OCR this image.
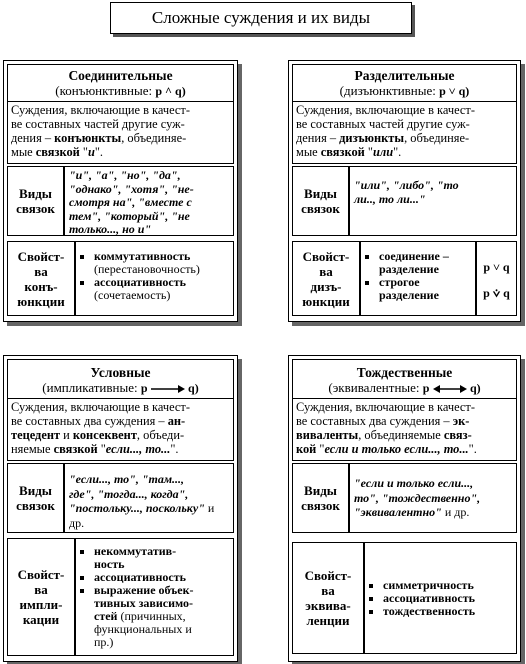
Сложные суждения и их виды
Соединительные
(конъюнктивные: p ^ q)
Суждения, включающие в качест-
ве составных частей другие суж-
дения – конъюнкты, объединяе-
мые связкой "и".
Виды
связок
"и", "а", "но", "да",
"однако", "хотя", "не-
смотря на", "вместе с
тем", "который", "не
только..., но и"
Свойст-
ва
конъ-
юнкции
▪ коммутативность
(перестановочность)
▪ ассоциативность
(сочетаемость)
Разделительные
(дизъюнктивные: p ˅ q)
Суждения, включающие в качест-
ве составных частей другие суж-
дения – дизъюнкты, объединяе-
мые связкой "или".
Виды
связок
"или", "либо", "то
ли.., то ли..."
Свойст-
ва
дизъ-
юнкции
▪ соединение –
разделение
▪ строгое
разделение
p ˅ q
p ⩒ q
Условные
(импликативные: p	q)
Суждения, включающие в качест-
ве составных два суждения – ан-
тецедент и консеквент, объеди-
няемые связкой "если..., то...".
Виды
связок
"если..., то", "там...,
где", "тогда..., когда",
"постольку..., поскольку" и др.
Свойст-
ва
импли-
кации
▪ некоммутатив-
ность
▪ ассоциативность
▪ выражение объек-
тивных зависимо-
стей (причинных,
функциональных и
пр.)
Тождественные
(эквивалентные: p	q)
Суждения, включающие в качест-
ве составных два суждения – эк-
виваленты, объединяемые связ-
кой "если и только если..., то...".
Виды
связок
"если и только если...,
то", "тождественно",
"эквивалентно" и др.
Свойст-
ва
эквива-
ленции
▪ симметричность
▪ ассоциативность
▪ тождественность
